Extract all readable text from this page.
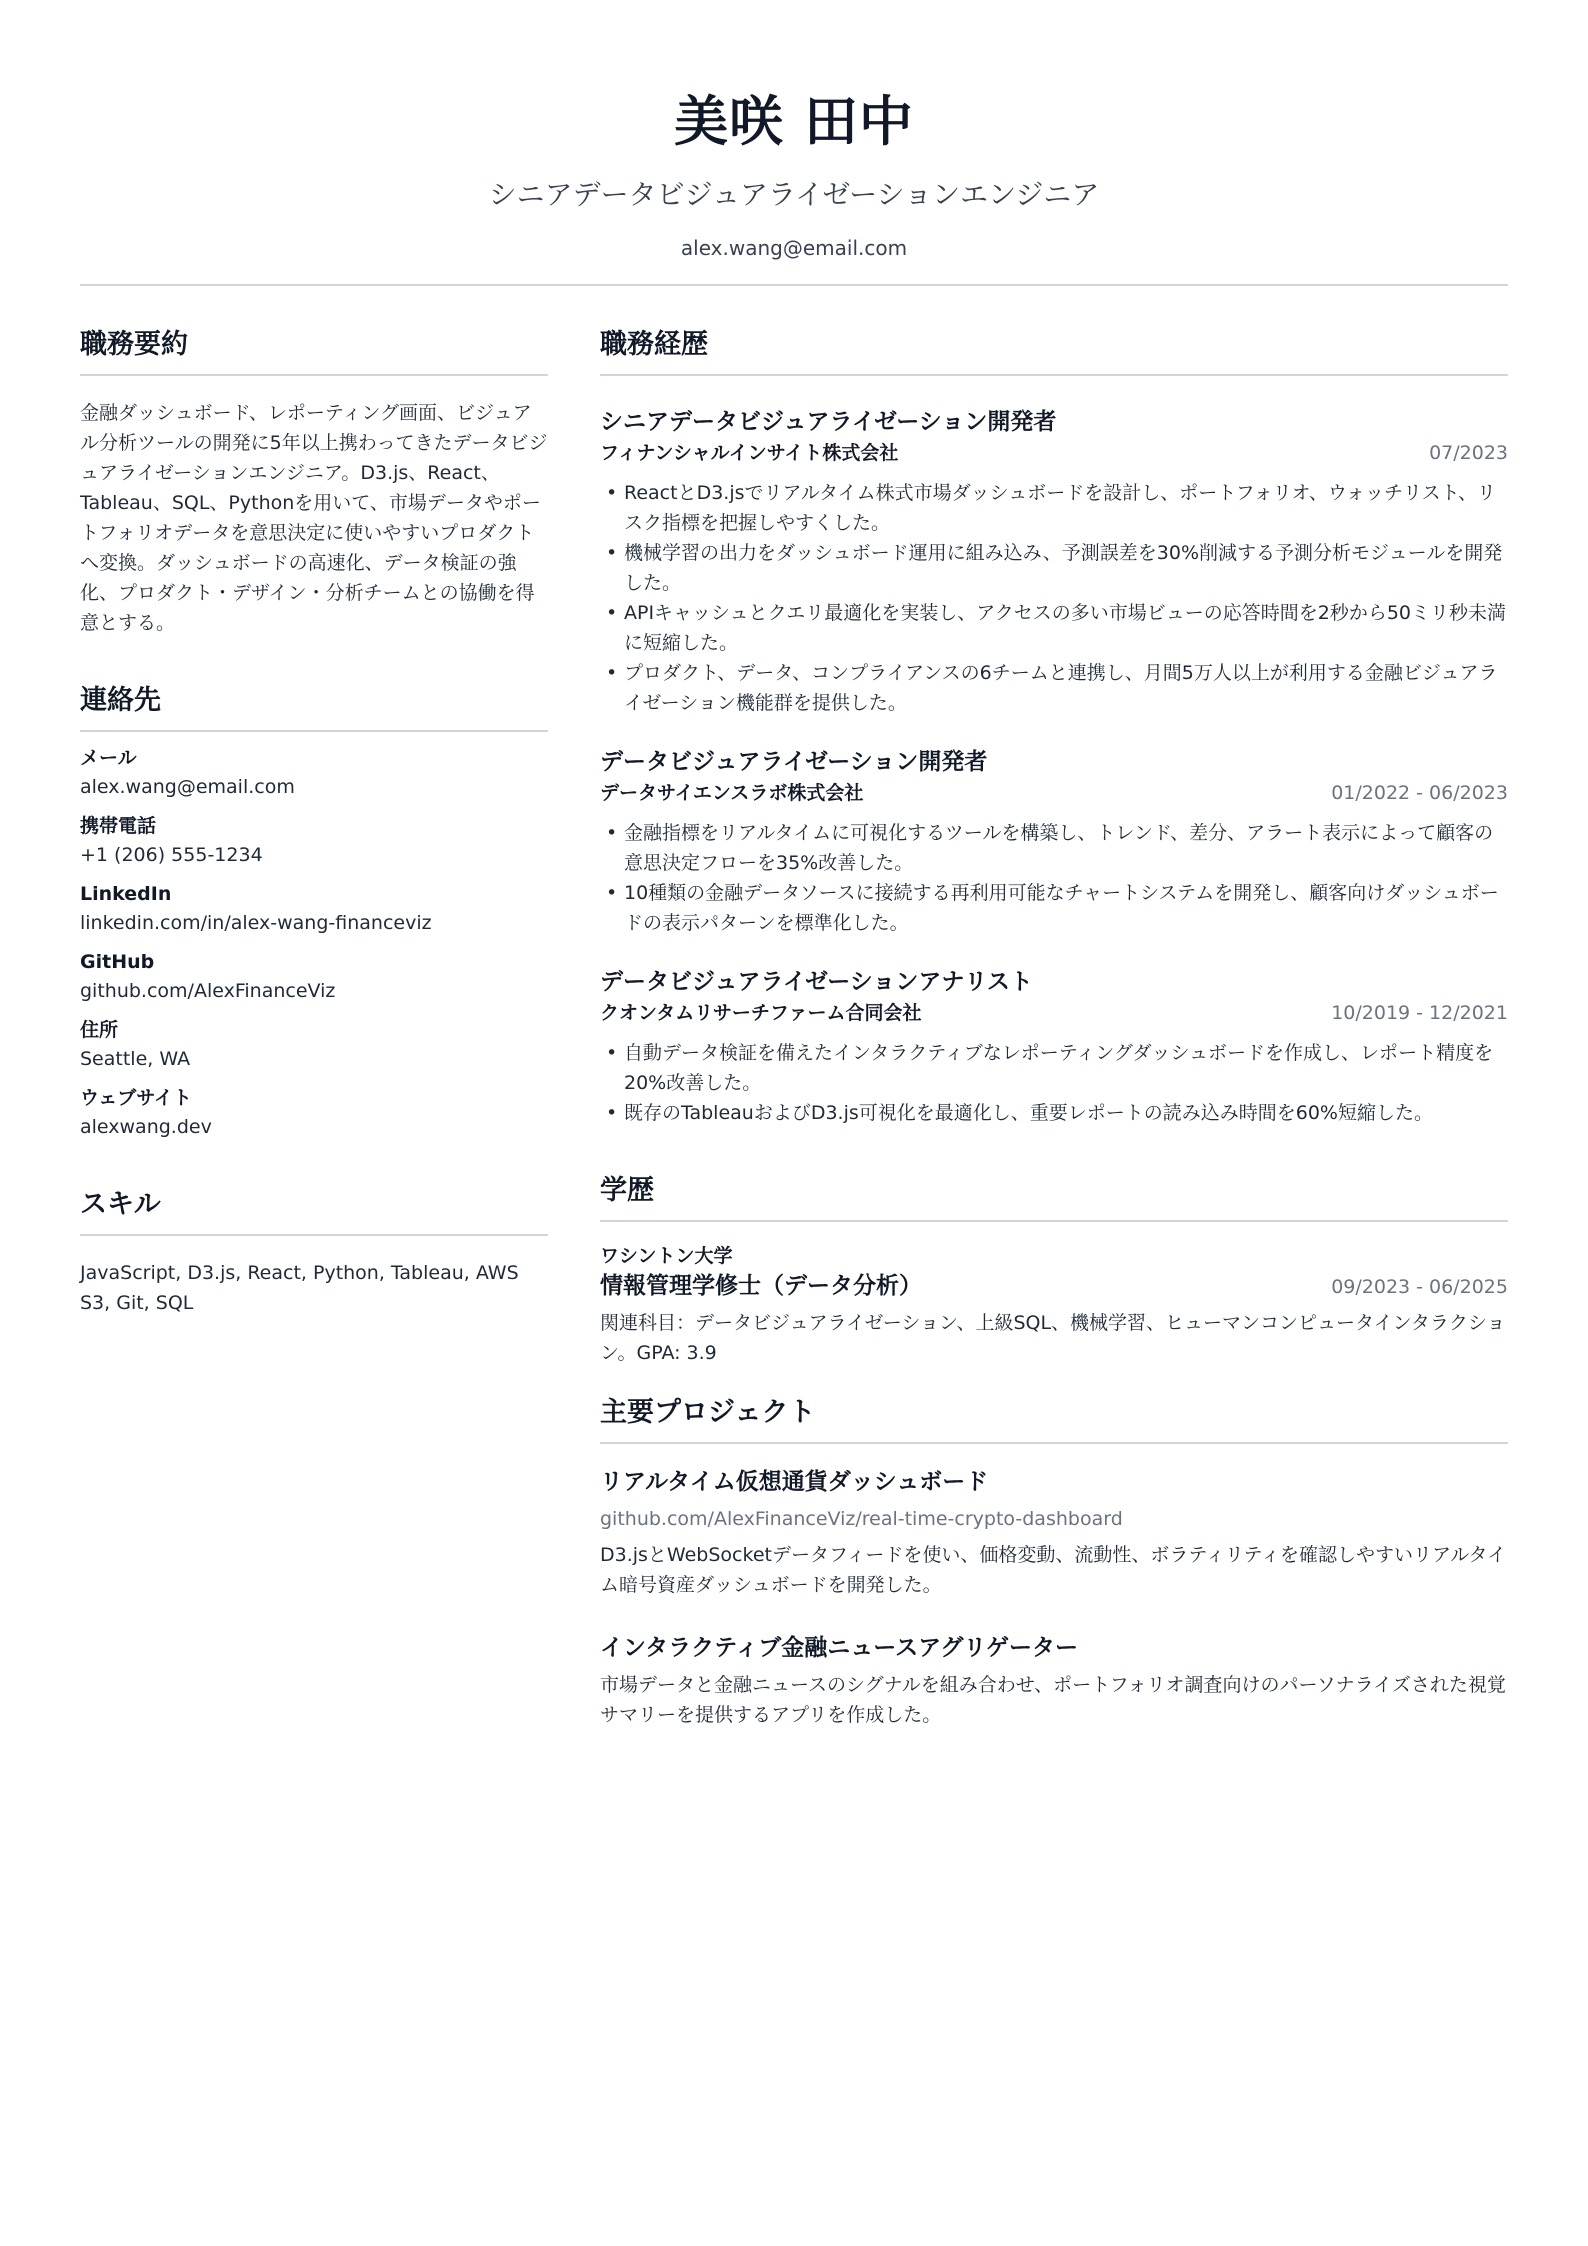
美咲 田中
シニアデータビジュアライゼーションエンジニア
alex.wang@email.com
職務要約
金融ダッシュボード、レポーティング画面、ビジュアル分析ツールの開発に5年以上携わってきたデータビジュアライゼーションエンジニア。D3.js、React、Tableau、SQL、Pythonを用いて、市場データやポートフォリオデータを意思決定に使いやすいプロダクトへ変換。ダッシュボードの高速化、データ検証の強化、プロダクト・デザイン・分析チームとの協働を得意とする。
連絡先
メール
alex.wang@email.com
携帯電話
+1 (206) 555-1234
LinkedIn
linkedin.com/in/alex-wang-financeviz
GitHub
github.com/AlexFinanceViz
住所
Seattle, WA
ウェブサイト
alexwang.dev
スキル
JavaScript, D3.js, React, Python, Tableau, AWS S3, Git, SQL
職務経歴
シニアデータビジュアライゼーション開発者
フィナンシャルインサイト株式会社	07/2023
• ReactとD3.jsでリアルタイム株式市場ダッシュボードを設計し、ポートフォリオ、ウォッチリスト、リスク指標を把握しやすくした。
• 機械学習の出力をダッシュボード運用に組み込み、予測誤差を30%削減する予測分析モジュールを開発した。
• APIキャッシュとクエリ最適化を実装し、アクセスの多い市場ビューの応答時間を2秒から50ミリ秒未満に短縮した。
• プロダクト、データ、コンプライアンスの6チームと連携し、月間5万人以上が利用する金融ビジュアライゼーション機能群を提供した。
データビジュアライゼーション開発者
データサイエンスラボ株式会社	01/2022 - 06/2023
• 金融指標をリアルタイムに可視化するツールを構築し、トレンド、差分、アラート表示によって顧客の意思決定フローを35%改善した。
• 10種類の金融データソースに接続する再利用可能なチャートシステムを開発し、顧客向けダッシュボードの表示パターンを標準化した。
データビジュアライゼーションアナリスト
クオンタムリサーチファーム合同会社	10/2019 - 12/2021
• 自動データ検証を備えたインタラクティブなレポーティングダッシュボードを作成し、レポート精度を20%改善した。
• 既存のTableauおよびD3.js可視化を最適化し、重要レポートの読み込み時間を60%短縮した。
学歴
ワシントン大学
情報管理学修士（データ分析）	09/2023 - 06/2025
関連科目：データビジュアライゼーション、上級SQL、機械学習、ヒューマンコンピュータインタラクション。GPA: 3.9
主要プロジェクト
リアルタイム仮想通貨ダッシュボード
github.com/AlexFinanceViz/real-time-crypto-dashboard
D3.jsとWebSocketデータフィードを使い、価格変動、流動性、ボラティリティを確認しやすいリアルタイム暗号資産ダッシュボードを開発した。
インタラクティブ金融ニュースアグリゲーター
市場データと金融ニュースのシグナルを組み合わせ、ポートフォリオ調査向けのパーソナライズされた視覚サマリーを提供するアプリを作成した。
